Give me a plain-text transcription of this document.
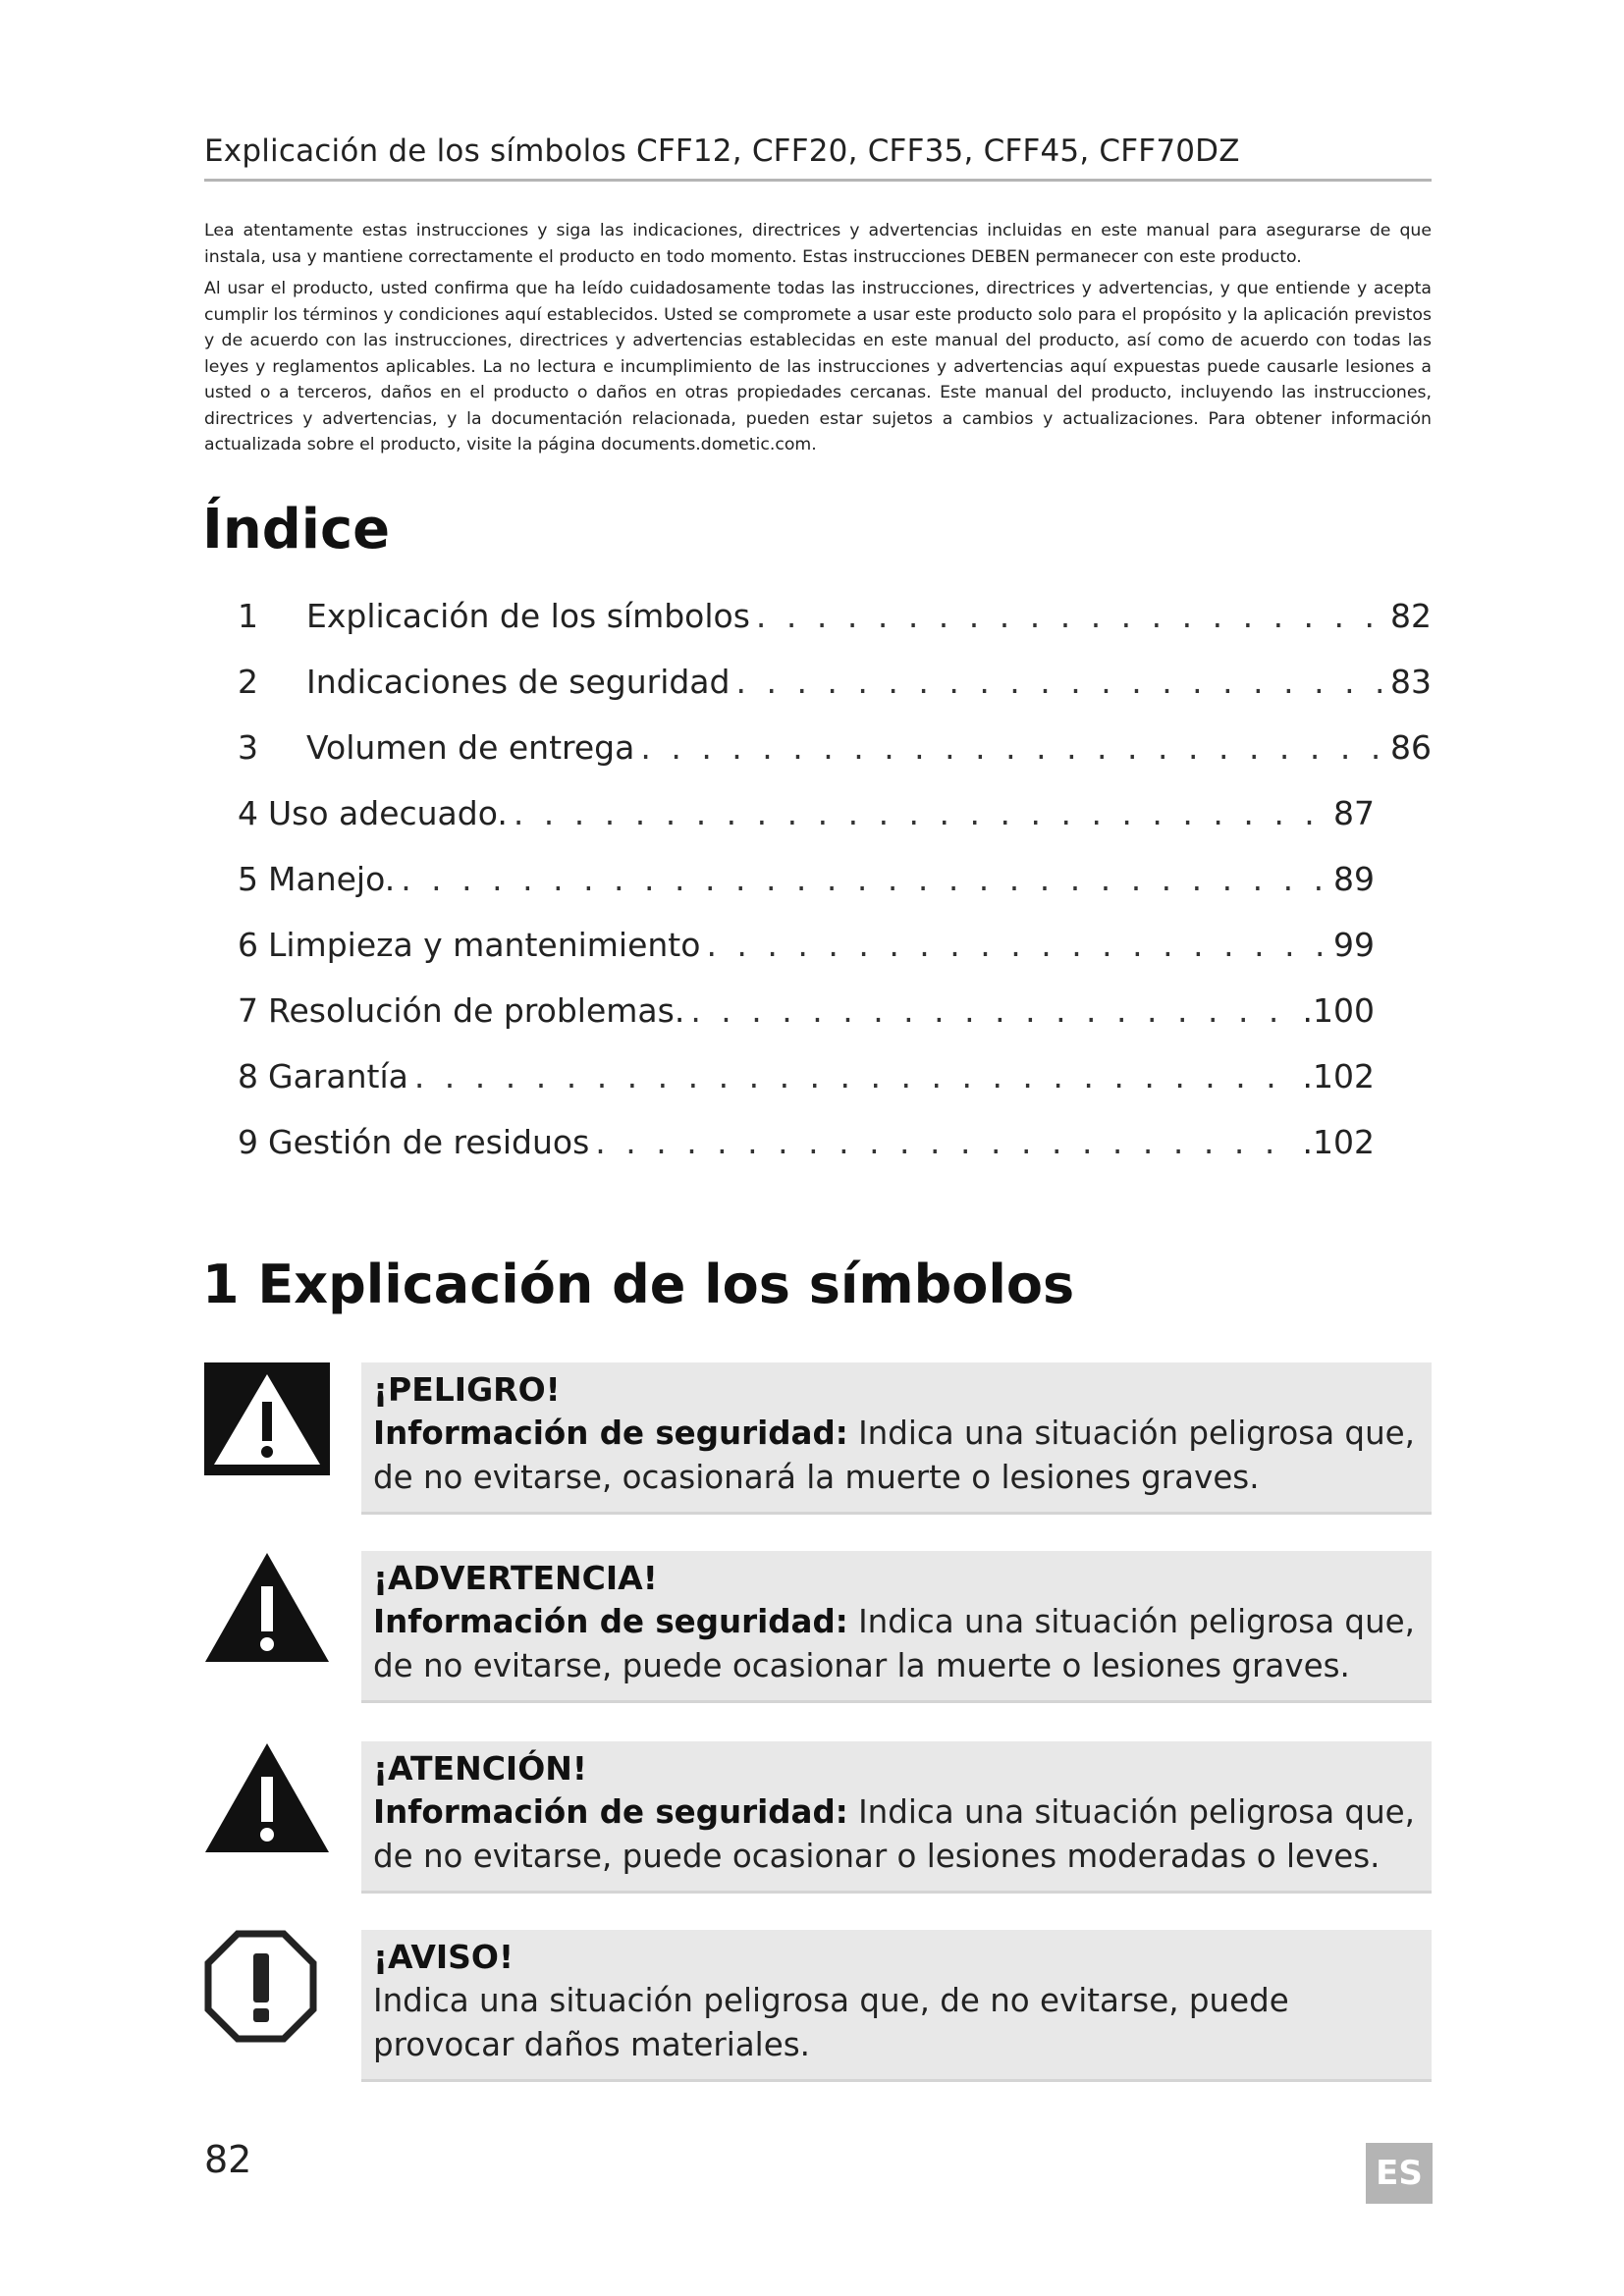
Explicación de los símbolos CFF12, CFF20, CFF35, CFF45, CFF70DZ

Lea atentamente estas instrucciones y siga las indicaciones, directrices y advertencias incluidas en este manual para asegurarse de que instala, usa y mantiene correctamente el producto en todo momento. Estas instrucciones DEBEN permanecer con este producto.

Al usar el producto, usted confirma que ha leído cuidadosamente todas las instrucciones, directrices y advertencias, y que entiende y acepta cumplir los términos y condiciones aquí establecidos. Usted se compromete a usar este producto solo para el propósito y la aplicación previstos y de acuerdo con las instrucciones, directrices y advertencias establecidas en este manual del producto, así como de acuerdo con todas las leyes y reglamentos aplicables. La no lectura e incumplimiento de las instrucciones y advertencias aquí expuestas puede causarle lesiones a usted o a terceros, daños en el producto o daños en otras propiedades cercanas. Este manual del producto, incluyendo las instrucciones, directrices y advertencias, y la documentación relacionada, pueden estar sujetos a cambios y actualizaciones. Para obtener información actualizada sobre el producto, visite la página documents.dometic.com.

Índice
1	Explicación de los símbolos . . .	82
2	Indicaciones de seguridad . . .	83
3	Volumen de entrega . . .	86
4 Uso adecuado. . . .	87
5 Manejo. . . .	89
6 Limpieza y mantenimiento . . .	99
7 Resolución de problemas. . . .	.100
8 Garantía . . .	.102
9 Gestión de residuos . . .	.102
1 Explicación de los símbolos
¡PELIGRO!
Información de seguridad: Indica una situación peligrosa que, de no evitarse, ocasionará la muerte o lesiones graves.
¡ADVERTENCIA!
Información de seguridad: Indica una situación peligrosa que, de no evitarse, puede ocasionar la muerte o lesiones graves.
¡ATENCIÓN!
Información de seguridad: Indica una situación peligrosa que, de no evitarse, puede ocasionar o lesiones moderadas o leves.
¡AVISO!
Indica una situación peligrosa que, de no evitarse, puede provocar daños materiales.
82	ES
